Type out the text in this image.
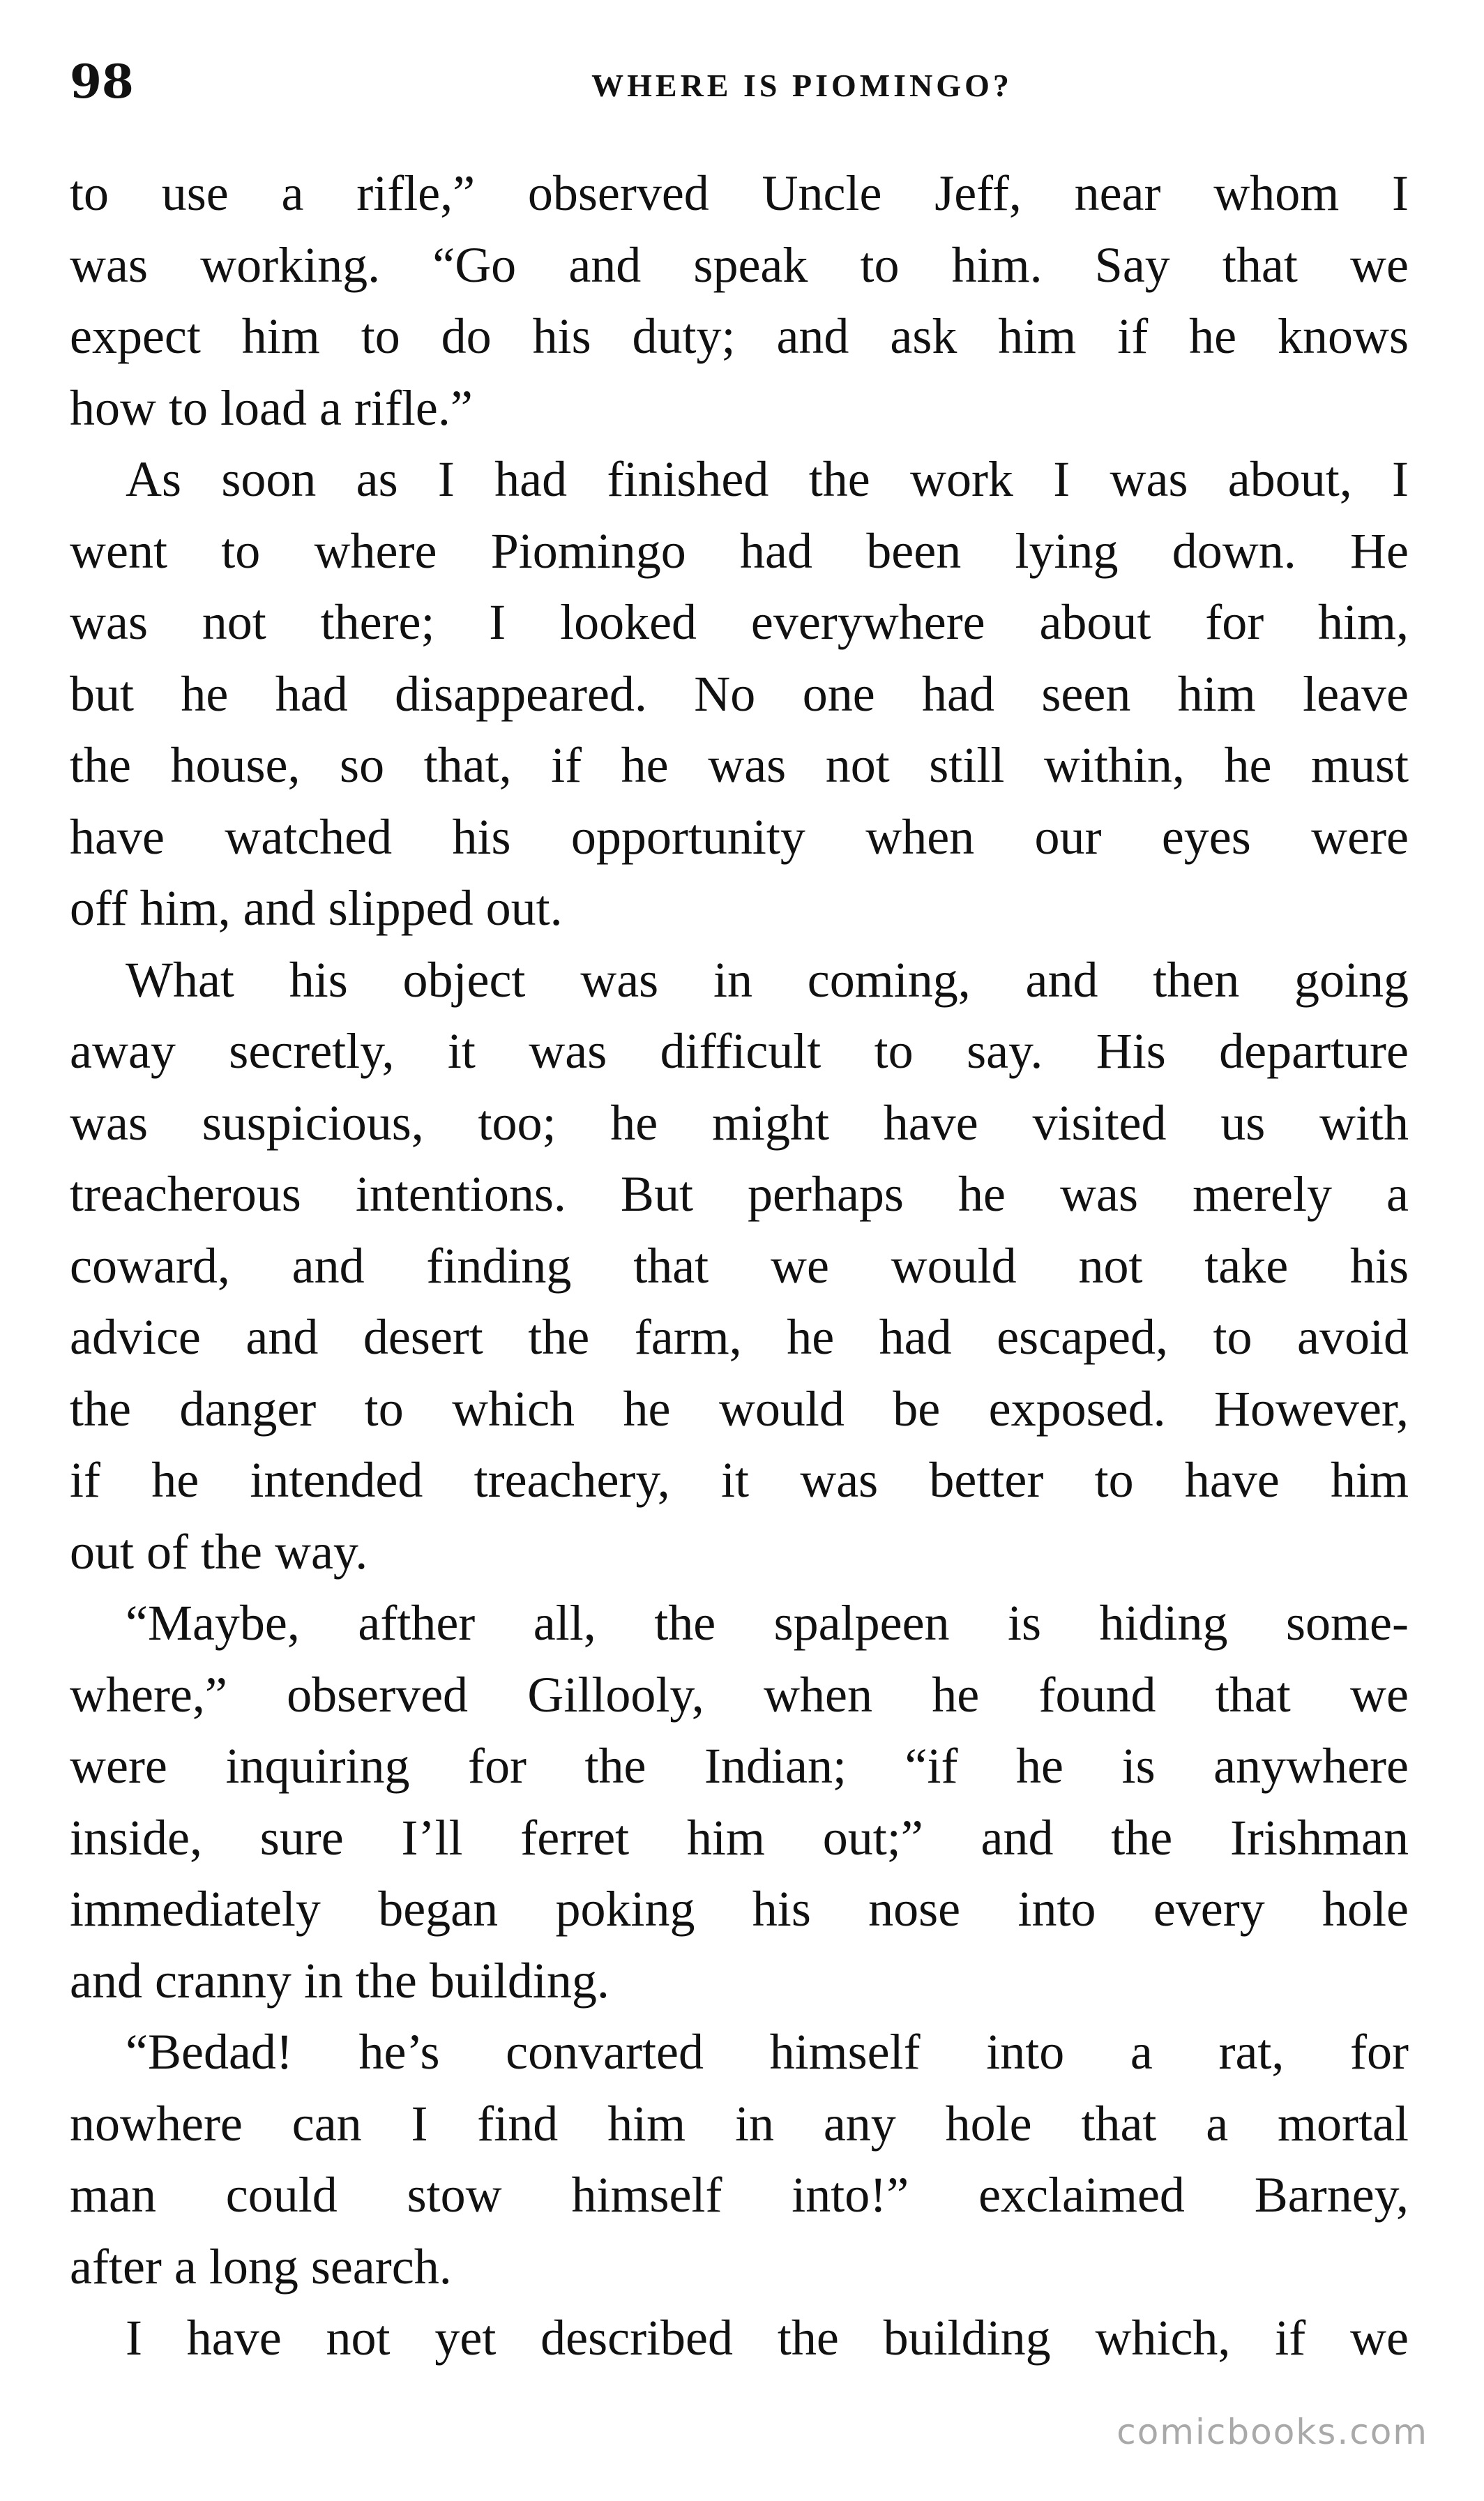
98	WHERE IS PIOMINGO?

to use a rifle,” observed Uncle Jeff, near whom I
was working. “Go and speak to him. Say that we
expect him to do his duty; and ask him if he knows
how to load a rifle.”

As soon as I had finished the work I was about, I
went to where Piomingo had been lying down. He
was not there; I looked everywhere about for him,
but he had disappeared. No one had seen him leave
the house, so that, if he was not still within, he must
have watched his opportunity when our eyes were
off him, and slipped out.

What his object was in coming, and then going
away secretly, it was difficult to say. His departure
was suspicious, too; he might have visited us with
treacherous intentions. But perhaps he was merely a
coward, and finding that we would not take his
advice and desert the farm, he had escaped, to avoid
the danger to which he would be exposed. However,
if he intended treachery, it was better to have him
out of the way.

“Maybe, afther all, the spalpeen is hiding some-
where,” observed Gillooly, when he found that we
were inquiring for the Indian; “if he is anywhere
inside, sure I’ll ferret him out;” and the Irishman
immediately began poking his nose into every hole
and cranny in the building.

“Bedad! he’s convarted himself into a rat, for
nowhere can I find him in any hole that a mortal
man could stow himself into!” exclaimed Barney,
after a long search.

I have not yet described the building which, if we

comicbooks.com
